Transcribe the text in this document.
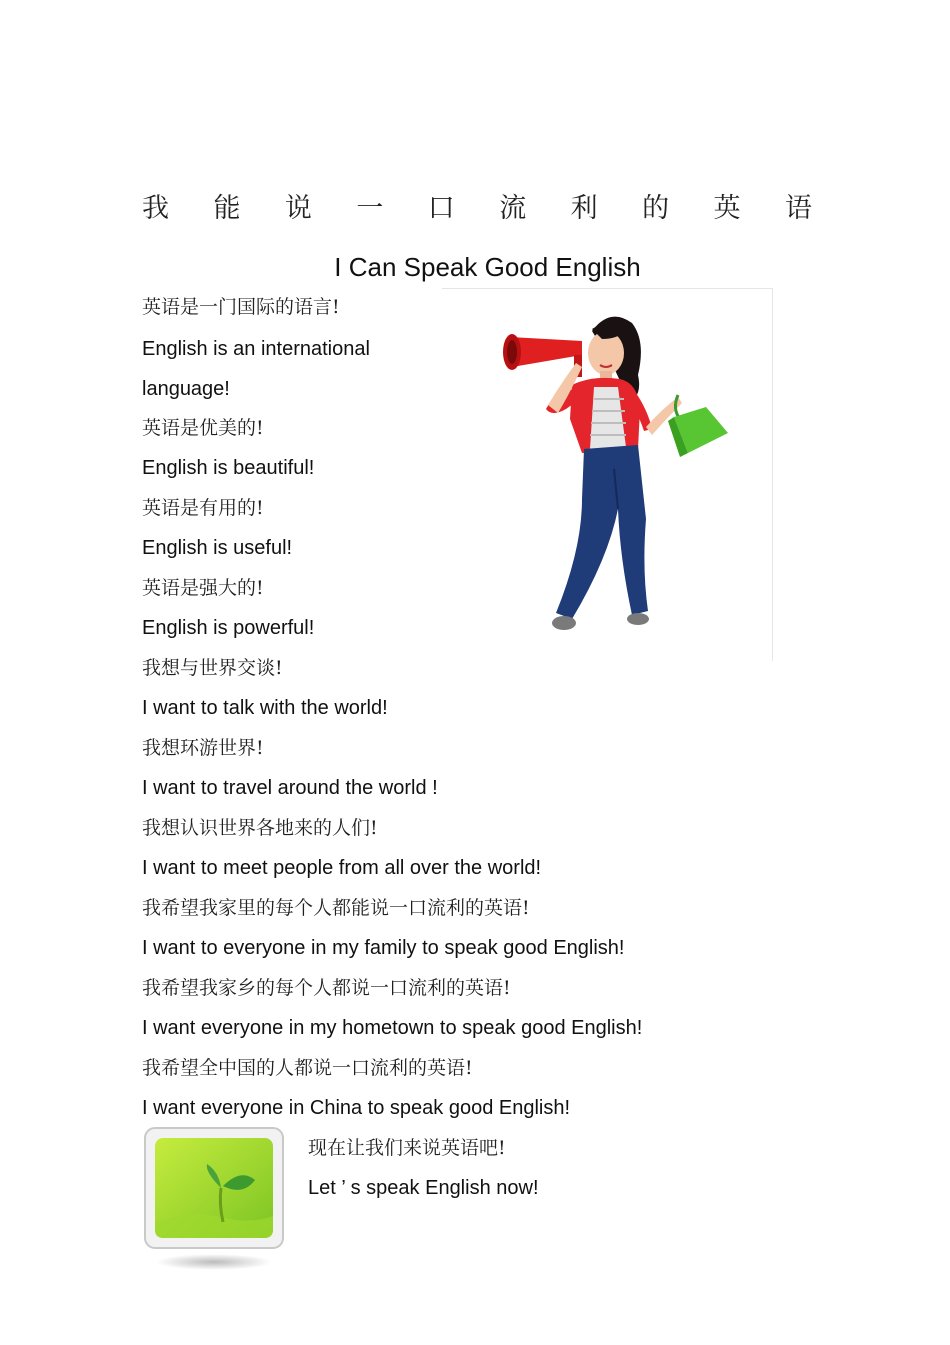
我 能 说 一 口 流 利 的 英 语
I Can Speak Good English
英语是一门国际的语言!
English is an international
language!
英语是优美的!
English is beautiful!
英语是有用的!
English is useful!
英语是强大的!
English is powerful!
我想与世界交谈!
I want to talk with the world!
我想环游世界!
I want to travel around the world !
我想认识世界各地来的人们!
I want to meet people from all over the world!
我希望我家里的每个人都能说一口流利的英语!
I want to everyone in my family to speak good English!
我希望我家乡的每个人都说一口流利的英语!
I want everyone in my hometown to speak good English!
我希望全中国的人都说一口流利的英语!
I want everyone in China to speak good English!
现在让我们来说英语吧!
Let ’ s speak English now!
